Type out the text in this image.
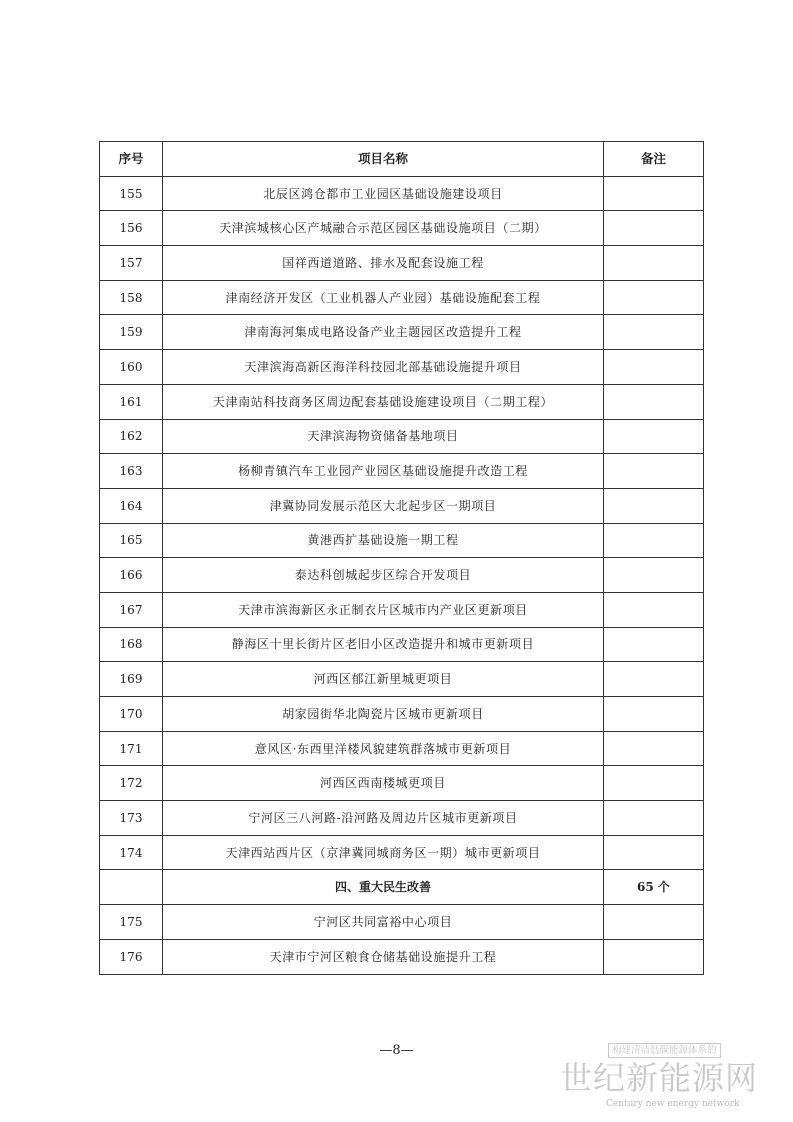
序号	项目名称	备注
155	北辰区鸿仓都市工业园区基础设施建设项目	
156	天津滨城核心区产城融合示范区园区基础设施项目（二期）	
157	国祥西道道路、排水及配套设施工程	
158	津南经济开发区（工业机器人产业园）基础设施配套工程	
159	津南海河集成电路设备产业主题园区改造提升工程	
160	天津滨海高新区海洋科技园北部基础设施提升项目	
161	天津南站科技商务区周边配套基础设施建设项目（二期工程）	
162	天津滨海物资储备基地项目	
163	杨柳青镇汽车工业园产业园区基础设施提升改造工程	
164	津冀协同发展示范区大北起步区一期项目	
165	黄港西扩基础设施一期工程	
166	泰达科创城起步区综合开发项目	
167	天津市滨海新区永正制衣片区城市内产业区更新项目	
168	静海区十里长街片区老旧小区改造提升和城市更新项目	
169	河西区郁江新里城更项目	
170	胡家园街华北陶瓷片区城市更新项目	
171	意风区·东西里洋楼风貌建筑群落城市更新项目	
172	河西区西南楼城更项目	
173	宁河区三八河路-沿河路及周边片区城市更新项目	
174	天津西站西片区（京津冀同城商务区一期）城市更新项目	
	四、重大民生改善	65 个
175	宁河区共同富裕中心项目	
176	天津市宁河区粮食仓储基础设施提升工程	
—8—	构建清洁低碳能源体系的
世纪新能源网
Century new energy network
